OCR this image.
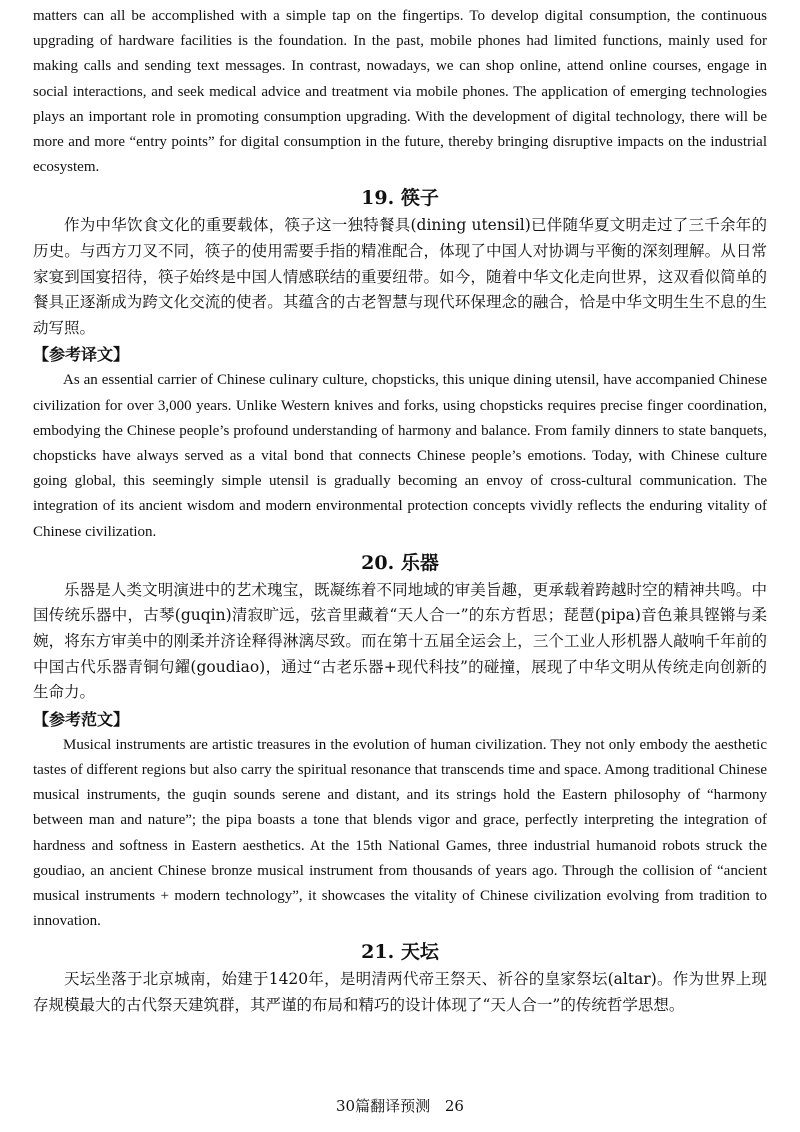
matters can all be accomplished with a simple tap on the fingertips. To develop digital consumption, the continuous upgrading of hardware facilities is the foundation. In the past, mobile phones had limited functions, mainly used for making calls and sending text messages. In contrast, nowadays, we can shop online, attend online courses, engage in social interactions, and seek medical advice and treatment via mobile phones. The application of emerging technologies plays an important role in promoting consumption upgrading. With the development of digital technology, there will be more and more “entry points” for digital consumption in the future, thereby bringing disruptive impacts on the industrial ecosystem.

19. 筷子

作为中华饮食文化的重要载体，筷子这一独特餐具(dining utensil)已伴随华夏文明走过了三千余年的历史。与西方刀叉不同，筷子的使用需要手指的精准配合，体现了中国人对协调与平衡的深刻理解。从日常家宴到国宴招待，筷子始终是中国人情感联结的重要纽带。如今，随着中华文化走向世界，这双看似简单的餐具正逐渐成为跨文化交流的使者。其蕴含的古老智慧与现代环保理念的融合，恰是中华文明生生不息的生动写照。

【参考译文】

As an essential carrier of Chinese culinary culture, chopsticks, this unique dining utensil, have accompanied Chinese civilization for over 3,000 years. Unlike Western knives and forks, using chopsticks requires precise finger coordination, embodying the Chinese people’s profound understanding of harmony and balance. From family dinners to state banquets, chopsticks have always served as a vital bond that connects Chinese people’s emotions. Today, with Chinese culture going global, this seemingly simple utensil is gradually becoming an envoy of cross-cultural communication. The integration of its ancient wisdom and modern environmental protection concepts vividly reflects the enduring vitality of Chinese civilization.

20. 乐器

乐器是人类文明演进中的艺术瑰宝，既凝练着不同地域的审美旨趣，更承载着跨越时空的精神共鸣。中国传统乐器中，古琴(guqin)清寂旷远，弦音里藏着“天人合一”的东方哲思；琵琶(pipa)音色兼具铿锵与柔婉，将东方审美中的刚柔并济诠释得淋漓尽致。而在第十五届全运会上，三个工业人形机器人敲响千年前的中国古代乐器青铜句鑃(goudiao)，通过“古老乐器+现代科技”的碰撞，展现了中华文明从传统走向创新的生命力。

【参考范文】

Musical instruments are artistic treasures in the evolution of human civilization. They not only embody the aesthetic tastes of different regions but also carry the spiritual resonance that transcends time and space. Among traditional Chinese musical instruments, the guqin sounds serene and distant, and its strings hold the Eastern philosophy of “harmony between man and nature”; the pipa boasts a tone that blends vigor and grace, perfectly interpreting the integration of hardness and softness in Eastern aesthetics. At the 15th National Games, three industrial humanoid robots struck the goudiao, an ancient Chinese bronze musical instrument from thousands of years ago. Through the collision of “ancient musical instruments + modern technology”, it showcases the vitality of Chinese civilization evolving from tradition to innovation.

21. 天坛

天坛坐落于北京城南，始建于1420年，是明清两代帝王祭天、祈谷的皇家祭坛(altar)。作为世界上现存规模最大的古代祭天建筑群，其严谨的布局和精巧的设计体现了“天人合一”的传统哲学思想。

30篇翻译预测 26
